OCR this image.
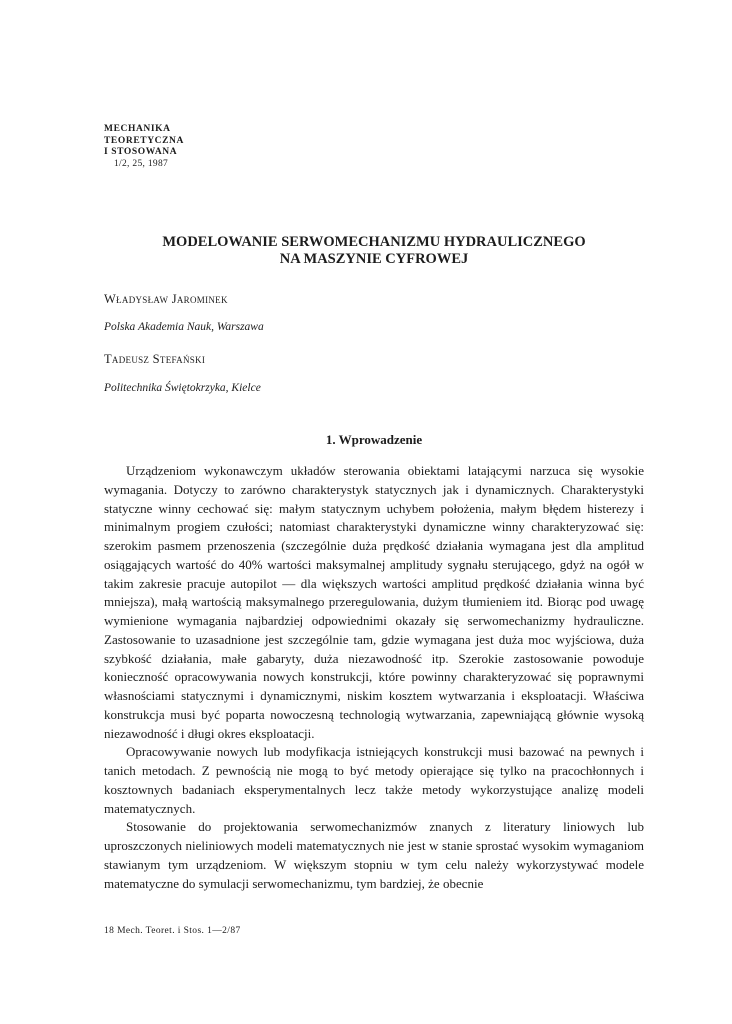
MECHANIKA
TEORETYCZNA
I STOSOWANA
1/2, 25, 1987
MODELOWANIE SERWOMECHANIZMU HYDRAULICZNEGO
NA MASZYNIE CYFROWEJ
Władysław Jarominek
Polska Akademia Nauk, Warszawa
Tadeusz Stefański
Politechnika Świętokrzyka, Kielce
1. Wprowadzenie

Urządzeniom wykonawczym układów sterowania obiektami latającymi narzuca się wysokie wymagania. Dotyczy to zarówno charakterystyk statycznych jak i dynamicznych. Charakterystyki statyczne winny cechować się: małym statycznym uchybem położenia, małym błędem histerezy i minimalnym progiem czułości; natomiast charakterystyki dynamiczne winny charakteryzować się: szerokim pasmem przenoszenia (szczególnie duża prędkość działania wymagana jest dla amplitud osiągających wartość do 40% wartości maksymalnej amplitudy sygnału sterującego, gdyż na ogół w takim zakresie pracuje autopilot — dla większych wartości amplitud prędkość działania winna być mniejsza), małą wartością maksymalnego przeregulowania, dużym tłumieniem itd. Biorąc pod uwagę wymienione wymagania najbardziej odpowiednimi okazały się serwomechanizmy hydrauliczne. Zastosowanie to uzasadnione jest szczególnie tam, gdzie wymagana jest duża moc wyjściowa, duża szybkość działania, małe gabaryty, duża niezawodność itp. Szerokie zastosowanie powoduje konieczność opracowywania nowych konstrukcji, które powinny charakteryzować się poprawnymi własnościami statycznymi i dynamicznymi, niskim kosztem wytwarzania i eksploatacji. Właściwa konstrukcja musi być poparta nowoczesną technologią wytwarzania, zapewniającą głównie wysoką niezawodność i długi okres eksploatacji.

Opracowywanie nowych lub modyfikacja istniejących konstrukcji musi bazować na pewnych i tanich metodach. Z pewnością nie mogą to być metody opierające się tylko na pracochłonnych i kosztownych badaniach eksperymentalnych lecz także metody wykorzystujące analizę modeli matematycznych.

Stosowanie do projektowania serwomechanizmów znanych z literatury liniowych lub uproszczonych nieliniowych modeli matematycznych nie jest w stanie sprostać wysokim wymaganiom stawianym tym urządzeniom. W większym stopniu w tym celu należy wykorzystywać modele matematyczne do symulacji serwomechanizmu, tym bardziej, że obecnie

18 Mech. Teoret. i Stos. 1—2/87
